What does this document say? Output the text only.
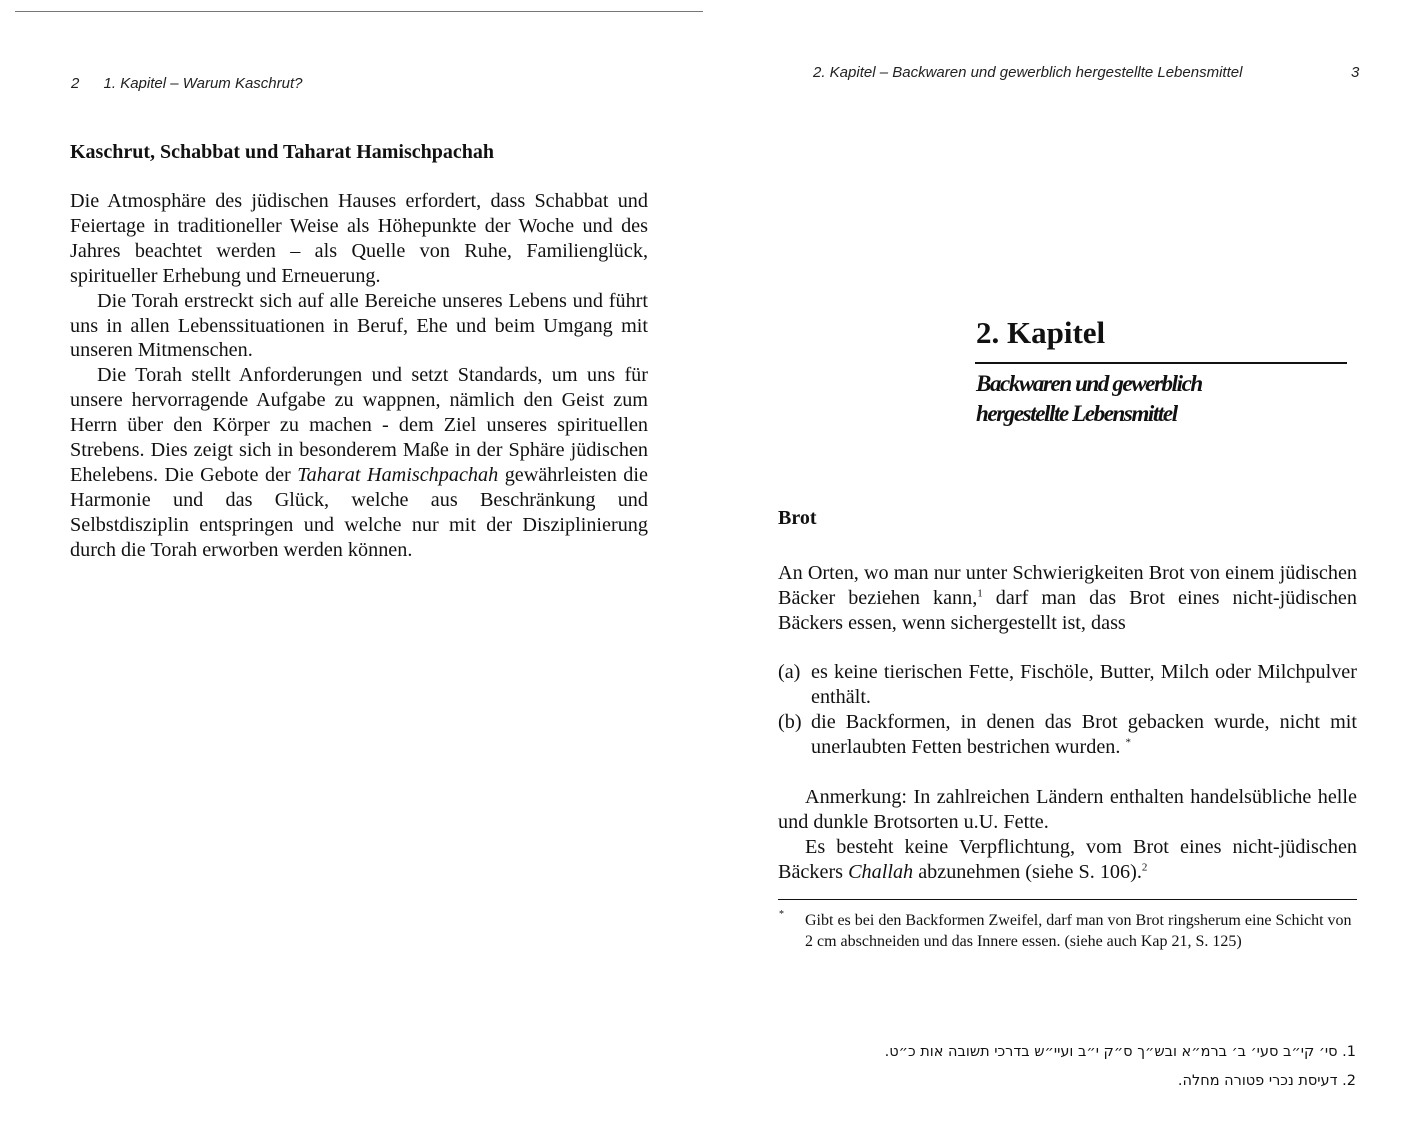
2 1. Kapitel – Warum Kaschrut?
Kaschrut, Schabbat und Taharat Hamischpachah

Die Atmosphäre des jüdischen Hauses erfordert, dass Schabbat und Feiertage in traditioneller Weise als Höhepunkte der Woche und des Jahres beachtet werden – als Quelle von Ruhe, Familienglück, spiritueller Erhebung und Erneuerung.

Die Torah erstreckt sich auf alle Bereiche unseres Lebens und führt uns in allen Lebenssituationen in Beruf, Ehe und beim Umgang mit unseren Mitmenschen.

Die Torah stellt Anforderungen und setzt Standards, um uns für unsere hervorragende Aufgabe zu wappnen, nämlich den Geist zum Herrn über den Körper zu machen - dem Ziel unseres spirituellen Strebens. Dies zeigt sich in besonderem Maße in der Sphäre jüdischen Ehelebens. Die Gebote der Taharat Hamischpachah gewährleisten die Harmonie und das Glück, welche aus Beschränkung und Selbstdisziplin entspringen und welche nur mit der Disziplinierung durch die Torah erworben werden können.

2. Kapitel – Backwaren und gewerblich hergestellte Lebensmittel	3
2. Kapitel
Backwaren und gewerblich
hergestellte Lebensmittel
Brot

An Orten, wo man nur unter Schwierigkeiten Brot von einem jüdischen Bäcker beziehen kann,$^1$ darf man das Brot eines nicht-jüdischen Bäckers essen, wenn sichergestellt ist, dass

(a) es keine tierischen Fette, Fischöle, Butter, Milch oder Milchpulver enthält.
(b) die Backformen, in denen das Brot gebacken wurde, nicht mit unerlaubten Fetten bestrichen wurden. *

Anmerkung: In zahlreichen Ländern enthalten handelsübliche helle und dunkle Brotsorten u.U. Fette.

Es besteht keine Verpflichtung, vom Brot eines nicht-jüdischen Bäckers Challah abzunehmen (siehe S. 106).$^2$

*	Gibt es bei den Backformen Zweifel, darf man von Brot ringsherum eine Schicht von 2 cm abschneiden und das Innere essen. (siehe auch Kap 21, S. 125)
1. סי׳ קי״ב סעי׳ ב׳ ברמ״א ובש״ך ס״ק י״ב ועיי״ש בדרכי תשובה אות כ״ט.
2. דעיסת נכרי פטורה מחלה.
